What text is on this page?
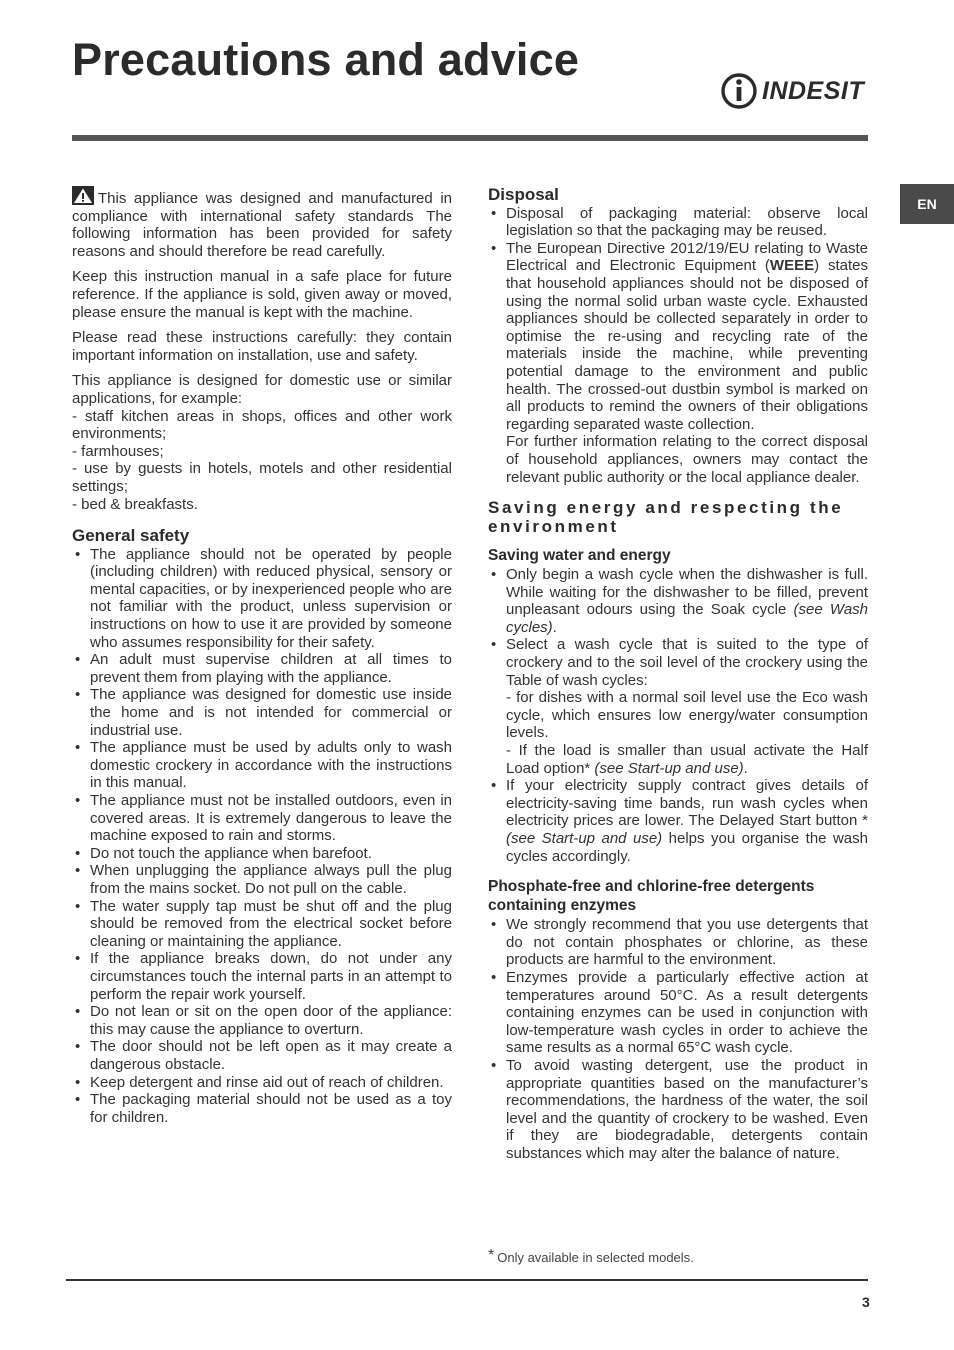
Precautions and advice
INDESIT
EN

This appliance was designed and manufactured in compliance with international safety standards The following information has been provided for safety reasons and should therefore be read carefully.

Keep this instruction manual in a safe place for future reference. If the appliance is sold, given away or moved, please ensure the manual is kept with the machine.

Please read these instructions carefully: they contain important information on installation, use and safety.

This appliance is designed for domestic use or similar applications, for example:
- staff kitchen areas in shops, offices and other work environments;
- farmhouses;
- use by guests in hotels, motels and other residential settings;
- bed & breakfasts.

General safety
• The appliance should not be operated by people (including children) with reduced physical, sensory or mental capacities, or by inexperienced people who are not familiar with the product, unless supervision or instructions on how to use it are provided by someone who assumes responsibility for their safety.
• An adult must supervise children at all times to prevent them from playing with the appliance.
• The appliance was designed for domestic use inside the home and is not intended for commercial or industrial use.
• The appliance must be used by adults only to wash domestic crockery in accordance with the instructions in this manual.
• The appliance must not be installed outdoors, even in covered areas. It is extremely dangerous to leave the machine exposed to rain and storms.
• Do not touch the appliance when barefoot.
• When unplugging the appliance always pull the plug from the mains socket. Do not pull on the cable.
• The water supply tap must be shut off and the plug should be removed from the electrical socket before cleaning or maintaining the appliance.
• If the appliance breaks down, do not under any circumstances touch the internal parts in an attempt to perform the repair work yourself.
• Do not lean or sit on the open door of the appliance: this may cause the appliance to overturn.
• The door should not be left open as it may create a dangerous obstacle.
• Keep detergent and rinse aid out of reach of children.
• The packaging material should not be used as a toy for children.
Disposal
• Disposal of packaging material: observe local legislation so that the packaging may be reused.
• The European Directive 2012/19/EU relating to Waste Electrical and Electronic Equipment (WEEE) states that household appliances should not be disposed of using the normal solid urban waste cycle. Exhausted appliances should be collected separately in order to optimise the re-using and recycling rate of the materials inside the machine, while preventing potential damage to the environment and public health. The crossed-out dustbin symbol is marked on all products to remind the owners of their obligations regarding separated waste collection.
For further information relating to the correct disposal of household appliances, owners may contact the relevant public authority or the local appliance dealer.
Saving energy and respecting the environment
Saving water and energy
• Only begin a wash cycle when the dishwasher is full. While waiting for the dishwasher to be filled, prevent unpleasant odours using the Soak cycle (see Wash cycles).
• Select a wash cycle that is suited to the type of crockery and to the soil level of the crockery using the Table of wash cycles:
- for dishes with a normal soil level use the Eco wash cycle, which ensures low energy/water consumption levels.
- If the load is smaller than usual activate the Half Load option* (see Start-up and use).
• If your electricity supply contract gives details of electricity-saving time bands, run wash cycles when electricity prices are lower. The Delayed Start button * (see Start-up and use) helps you organise the wash cycles accordingly.
Phosphate-free and chlorine-free detergents containing enzymes
• We strongly recommend that you use detergents that do not contain phosphates or chlorine, as these products are harmful to the environment.
• Enzymes provide a particularly effective action at temperatures around 50°C. As a result detergents containing enzymes can be used in conjunction with low-temperature wash cycles in order to achieve the same results as a normal 65°C wash cycle.
• To avoid wasting detergent, use the product in appropriate quantities based on the manufacturer’s recommendations, the hardness of the water, the soil level and the quantity of crockery to be washed. Even if they are biodegradable, detergents contain substances which may alter the balance of nature.
* Only available in selected models.
3
